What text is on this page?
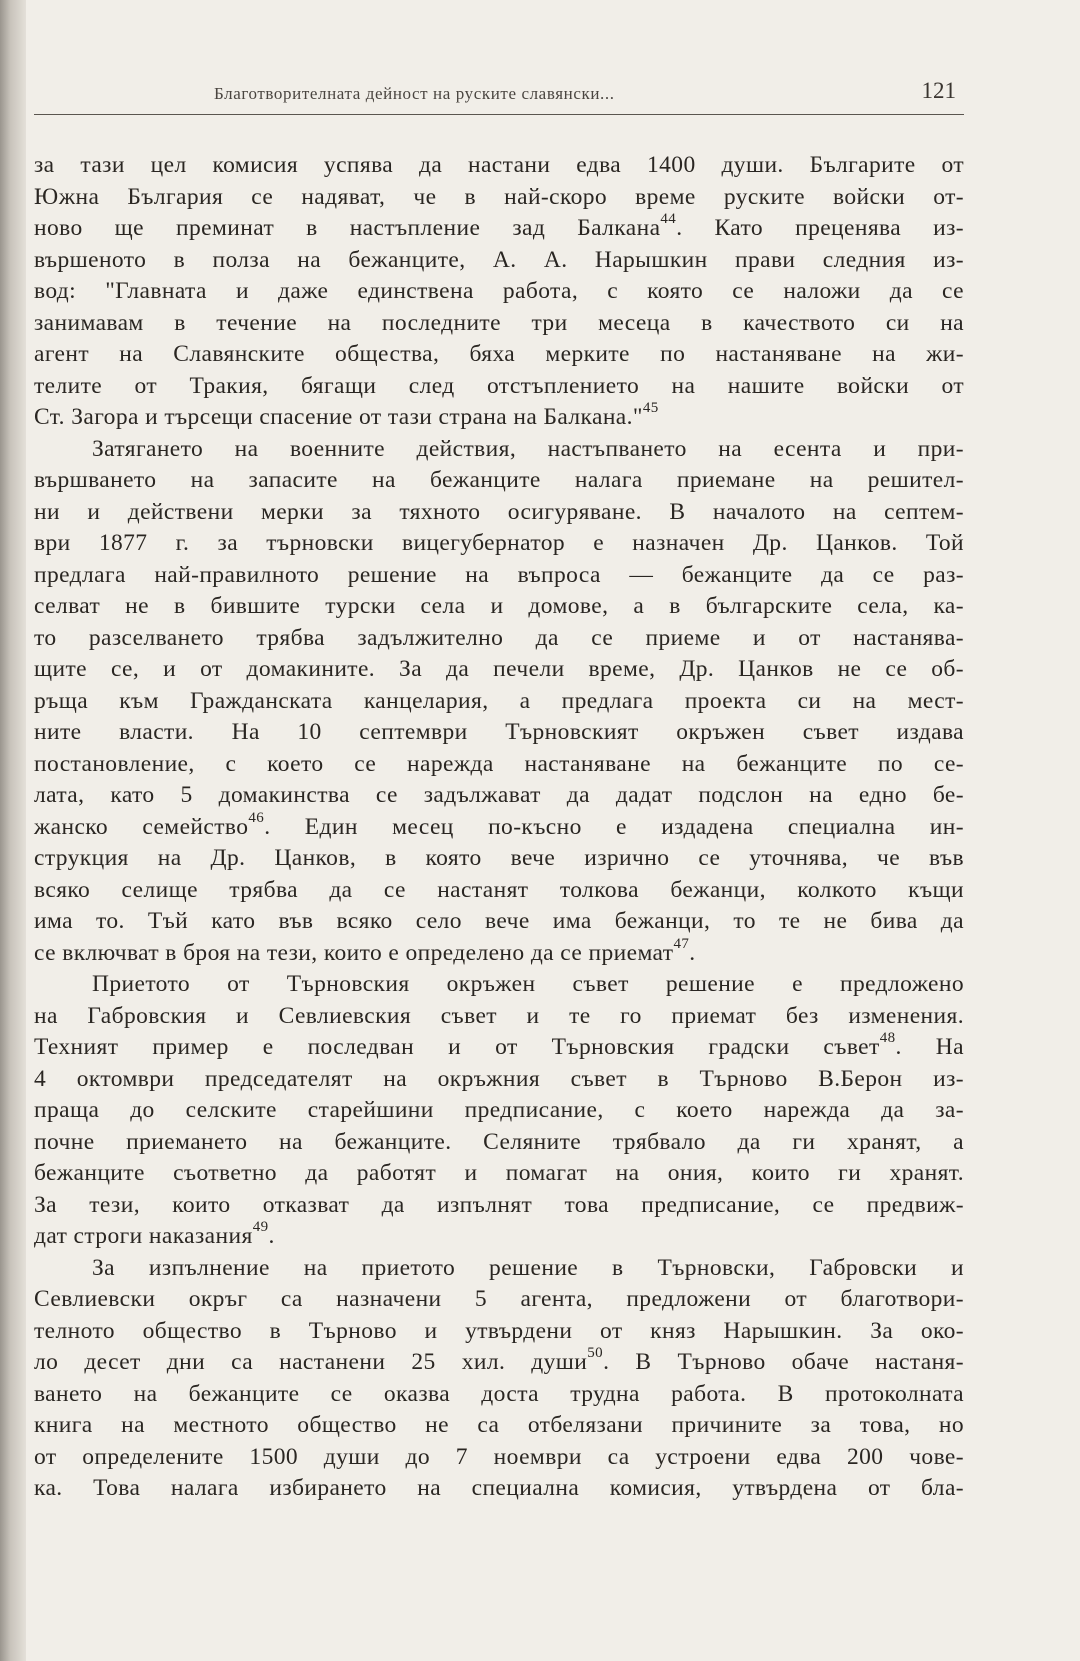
Благотворителната дейност на руските славянски...	121
за тази цел комисия успява да настани едва 1400 души. Българите от
Южна България се надяват, че в най-скоро време руските войски от-
ново ще преминат в настъпление зад Балкана$^{44}$. Като преценява из-
вършеното в полза на бежанците, А. А. Нарышкин прави следния из-
вод: "Главната и даже единствена работа, с която се наложи да се
занимавам в течение на последните три месеца в качеството си на
агент на Славянските общества, бяха мерките по настаняване на жи-
телите от Тракия, бягащи след отстъплението на нашите войски от
Ст. Загора и търсещи спасение от тази страна на Балкана."$^{45}$
Затягането на военните действия, настъпването на есента и при-
вършването на запасите на бежанците налага приемане на решител-
ни и действени мерки за тяхното осигуряване. В началото на септем-
ври 1877 г. за търновски вицегубернатор е назначен Др. Цанков. Той
предлага най-правилното решение на въпроса — бежанците да се раз-
селват не в бившите турски села и домове, а в българските села, ка-
то разселването трябва задължително да се приеме и от настанява-
щите се, и от домакините. За да печели време, Др. Цанков не се об-
ръща към Гражданската канцелария, а предлага проекта си на мест-
ните власти. На 10 септември Търновският окръжен съвет издава
постановление, с което се нарежда настаняване на бежанците по се-
лата, като 5 домакинства се задължават да дадат подслон на едно бе-
жанско семейство$^{46}$. Един месец по-късно е издадена специална ин-
струкция на Др. Цанков, в която вече изрично се уточнява, че във
всяко селище трябва да се настанят толкова бежанци, колкото къщи
има то. Тъй като във всяко село вече има бежанци, то те не бива да
се включват в броя на тези, които е определено да се приемат$^{47}$.
Приетото от Търновския окръжен съвет решение е предложено
на Габровския и Севлиевския съвет и те го приемат без изменения.
Техният пример е последван и от Търновския градски съвет$^{48}$. На
4 октомври председателят на окръжния съвет в Търново В.Берон из-
праща до селските старейшини предписание, с което нарежда да за-
почне приемането на бежанците. Селяните трябвало да ги хранят, а
бежанците съответно да работят и помагат на ония, които ги хранят.
За тези, които отказват да изпълнят това предписание, се предвиж-
дат строги наказания$^{49}$.
За изпълнение на приетото решение в Търновски, Габровски и
Севлиевски окръг са назначени 5 агента, предложени от благотвори-
телното общество в Търново и утвърдени от княз Нарышкин. За око-
ло десет дни са настанени 25 хил. души$^{50}$. В Търново обаче настаня-
ването на бежанците се оказва доста трудна работа. В протоколната
книга на местното общество не са отбелязани причините за това, но
от определените 1500 души до 7 ноември са устроени едва 200 чове-
ка. Това налага избирането на специална комисия, утвърдена от бла-
